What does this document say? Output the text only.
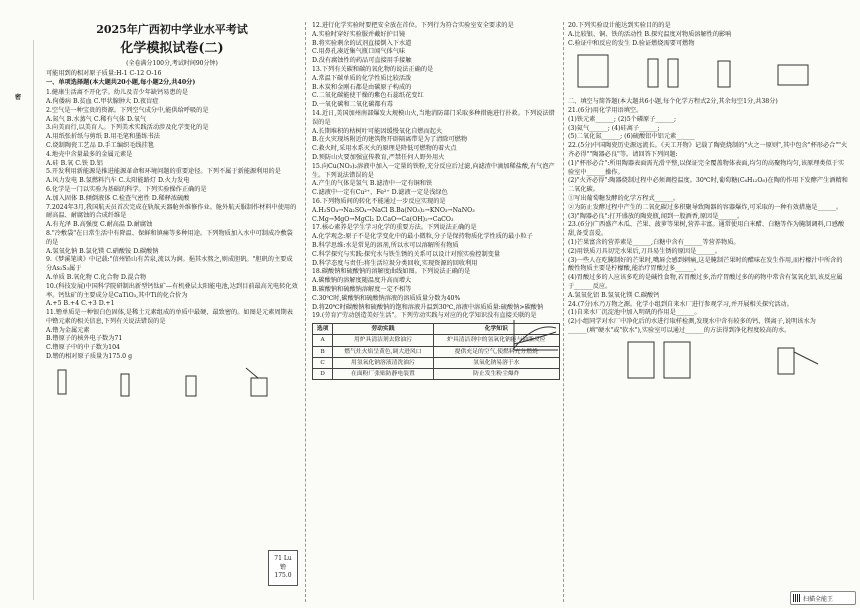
密
2025年广西初中学业水平考试
化学模拟试卷(二)
(全卷满分100分,考试时间90分钟)
可能用到的相对原子质量:H-1 C-12 O-16
一、单项选择题(本大题共20小题,每小题2分,共40分)
1.健康生活离不开化学。幼儿及青少年缺钙易患的是
A.佝偻病 B.贫血 C.甲状腺肿大 D.夜盲症
2.空气是一种宝贵的资源。下列空气成分中,能供给呼吸的是
A.氮气 B.水蒸气 C.稀有气体 D.氧气
3.向美而行,以美育人。下列美术实践活动涉及化学变化的是
A.用纸张折纸与剪纸 B.用毛笔和墨练书法
C.烧制陶瓷工艺品 D.手工编织毛线挂毯
4.地壳中含量最多的金属元素是
A.硅 B.氧 C.铁 D.铝
5.开发利用新能源是推进能源革命和环境问题的重要途径。下列不属于新能源利用的是
A.风力发电 B.氢燃料汽车 C.太阳能路灯 D.火力发电
6.化学是一门以实验为基础的科学。下列实验操作正确的是
A.加入固体 B.倾倒液体 C.检查气密性 D.稀释浓硫酸
7.2024年3月,我国航天员首次完成在轨航天器舱外维修作业。舱外航天服制作材料中使用的耐高温、耐腐蚀的合成纤维是
A.有光泽 B.高强度 C.耐高温 D.耐腐蚀
8."冷敷袋"在日常生活中有降温、保鲜和镇痛等多种用途。下列物质加入水中可制成冷敷袋的是
A.氢氧化钠 B.氯化镁 C.硝酸铵 D.碳酸钠
9.《梦溪笔谈》中记载:"信州铅山有苦泉,流以为涧。挹其水熬之,则成胆矾。"胆矾的主要成分As₂S₃属于
A.单质 B.氧化物 C.化合物 D.混合物
10.(科技发展)中国科学院研制出新型钙钛矿—有机叠层太阳能电池,达到目前最高光电转化效率。钙钛矿的主要成分是CaTiO₃,其中Ti的化合价为
A.+5 B.+4 C.+3 D.+1
11.镥单质是一种银白色固体,是稀土元素组成的单质中最硬、最致密的。如图是元素周期表中镥元素的相关信息,下列有关说法错误的是
A.镥为金属元素
B.镥原子的核外电子数为71
C.镥原子中的中子数为104
D.镥的相对原子质量为175.0 g
71 Lu
镥
175.0
12.进行化学实验时要把安全放在首位。下列行为符合实验室安全要求的是
A.实验时穿好实验服并戴好护目镜
B.将实验剩余的试剂直接倒入下水道
C.用鼻孔凑近集气瓶口闻气体气味
D.没有腐蚀性的药品可直接用手接触
13.下列有关碳和碳的氧化物的说法正确的是
A.常温下碳单质的化学性质比较活泼
B.木炭和金刚石都是由碳原子构成的
C.二氧化碳能使干燥的紫色石蕊纸花变红
D.一氧化碳和二氧化碳都有毒
14.近日,美国加州南部爆发大规模山火,当地消防部门采取多种措施进行扑救。下列说法错误的是
A.长期堆积的枯树叶可能因缓慢氧化自燃而起火
B.在火灾现场附近的建筑物开辟隔离带是为了清除可燃物
C.救火时,采用水系灭火的原理是降低可燃物的着火点
D.预防山火要加强宣传教育,严禁任何人野外用火
15.向Cu(NO₃)₂溶液中加入一定量的铁粉,充分反应后过滤,向滤渣中滴加稀盐酸,有气泡产生。下列说法错误的是
A.产生的气体是氢气 B.滤渣中一定有铜和铁
C.滤液中一定有Cu²⁺、Fe²⁺ D.滤液一定是浅绿色
16.下列物质间的转化不能通过一步反应实现的是
A.H₂SO₄→Na₂SO₄→NaCl B.Ba(NO₃)₂→KNO₃→NaNO₃
C.Mg→MgO→MgCl₂ D.CaO→Ca(OH)₂→CaCO₃
17.核心素养是学生学习化学的重要方法。下列说法正确的是
A.化学观念:原子不是化学变化中的最小微粒,分子是保持物质化学性质的最小粒子
B.科学思维:水是常见的溶剂,所以水可以溶解所有物质
C.科学探究与实践:探究水与铁生锈的关系可以设计对照实验控制变量
D.科学态度与责任:将生活垃圾分类回收,实现资源的回收利用
18.碳酸钠和硫酸钠的溶解度曲线如图。下列说法正确的是
A.碳酸钠的溶解度随温度升高而增大
B.碳酸钠和硫酸钠溶解度一定不相等
C.30℃时,碳酸钠和硫酸钠溶液的溶质质量分数为40%
D.将20℃时碳酸钠和硫酸钠的饱和溶液升温到30℃,溶液中溶质质量:硫酸钠>碳酸钠
19.(劳育)"劳动创造美好生活"。下列劳动实践与对应的化学知识没有直接关联的是
选项	劳动实践	化学知识
A	用炉具清洁剂去除油污	炉具清洁剂中的氢氧化钠能与油脂反应
B	燃气灶火焰呈黄色,调大进风口	提供充足的空气,使燃料充分燃烧
C	用氢氧化钠溶液清洗油污	氢氧化钠易溶于水
D	在面粉厂张贴防静电装置	防止发生粉尘爆炸
20.下列实验设计能达到实验目的的是
A.比较银、铜、铁的活动性 B.探究温度对物质溶解性的影响
C.验证中和反应的发生 D.验证燃烧需要可燃物
二、填空与简答题(本大题共6小题,每个化学方程式2分,其余每空1分,共38分)
21.(6分)用化学用语填空。
(1)铁元素______; (2)5个磷原子______;
(3)氦气______; (4)硅离子______;
(5)二氧化氮______; (6)硫酸铝中铝元素______
22.(5分)中国陶瓷历史源远流长。《天工开物》记载了陶瓷烧制的"火之一原则",其中包含"杯形必合""火齐必得""陶器必良"等。请回答下列问题:
(1)"杯形必合":所用陶器表面需光滑平整,以保证完全覆盖物体表面,均匀的高聚物均匀,该原理类似于实验室中______操作。
(2)"火齐必得":陶器烧制过程中必须调控温度。30℃时,葡萄糖(C₆H₁₂O₆)在陶的作用下发酵产生酒精和二氧化碳。
①写出葡萄糖发酵的化学方程式______。
②为防止发酵过程中产生的二氧化碳过多积聚导致陶器的容器爆炸,可采取的一种有效措施是______。
(3)"陶器必良":打开盛放的陶瓷瓶,闻到一股酒香,原因是______。
23.(6分)广西盛产木瓜、芒果、菠萝等果树,营养丰富。通常使用白米醋、白糖等作为腌制调料,口感酸甜,备受喜爱。
(1)芒果富含的营养素是______,白糖中含有______等营养物质。
(2)用铁质刀具切完水果后,刀具易生锈的原因是______。
(3)一些人在吃腌制好的芒果时,嘴唇会感到刺痛,这是腌制芒果时的醋味在发生作用,而柠檬汁中所含的酸性物质主要是柠檬酸,能治疗胃酸过多______。
(4)胃酸过多的人应该多吃的是碱性食物,若胃酸过多,治疗胃酸过多的药物中常含有氢氧化铝,该反应属于______反应。
A.氢氧化铝 B.氢氧化镁 C.碳酸钙
24.(7分)水乃万物之源。化学小组到自来水厂进行参观学习,并开展相关探究活动。
(1)自来水厂沉淀池中加入明矾的作用是______。
(2)小组同学对水厂中净化后的水进行取样检测,发现水中含有较多的钙、镁离子,说明该水为______(填"硬水"或"软水"),实验室可以通过______的方法得到净化程度较高的水。
扫描全能王
